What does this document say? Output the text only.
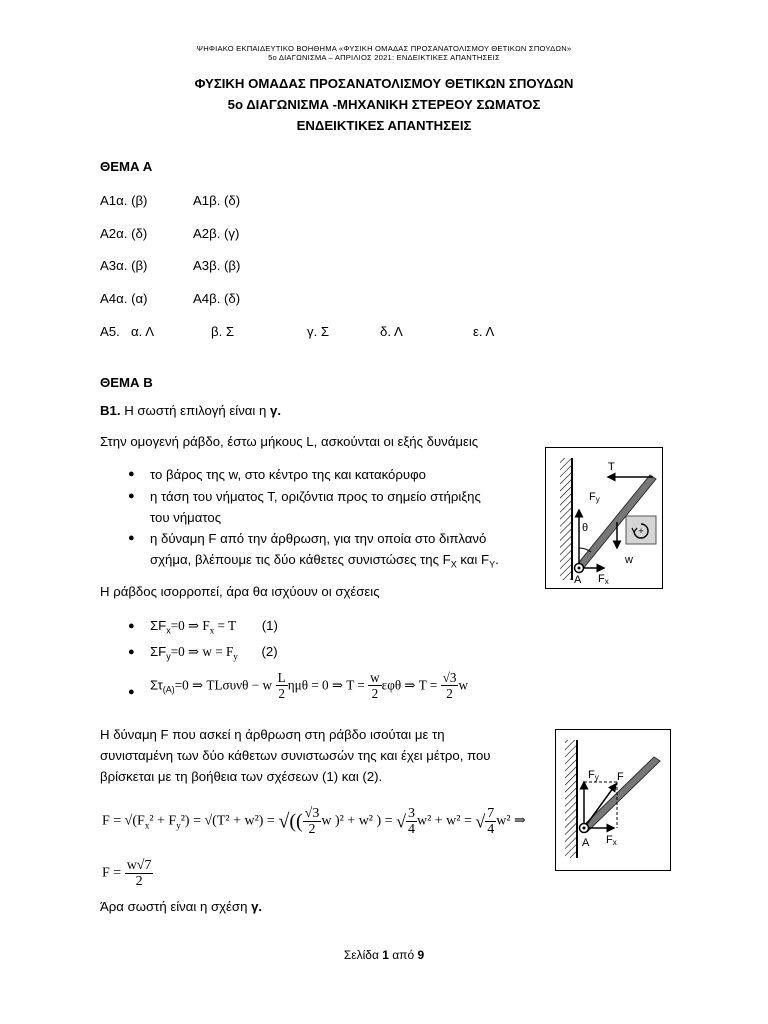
ΨΗΦΙΑΚΟ ΕΚΠΑΙΔΕΥΤΙΚΟ ΒΟΗΘΗΜΑ «ΦΥΣΙΚΗ ΟΜΑΔΑΣ ΠΡΟΣΑΝΑΤΟΛΙΣΜΟΥ ΘΕΤΙΚΩΝ ΣΠΟΥΔΩΝ»
5ο ΔΙΑΓΩΝΙΣΜΑ – ΑΠΡΙΛΙΟΣ 2021: ΕΝΔΕΙΚΤΙΚΕΣ ΑΠΑΝΤΗΣΕΙΣ
ΦΥΣΙΚΗ ΟΜΑΔΑΣ ΠΡΟΣΑΝΑΤΟΛΙΣΜΟΥ ΘΕΤΙΚΩΝ ΣΠΟΥΔΩΝ
5ο ΔΙΑΓΩΝΙΣΜΑ -ΜΗΧΑΝΙΚΗ ΣΤΕΡΕΟΥ ΣΩΜΑΤΟΣ
ΕΝΔΕΙΚΤΙΚΕΣ ΑΠΑΝΤΗΣΕΙΣ
ΘΕΜΑ Α
Α1α. (β)	Α1β. (δ)
Α2α. (δ)	Α2β. (γ)
Α3α. (β)	Α3β. (β)
Α4α. (α)	Α4β. (δ)
Α5. α. Λ	β. Σ	γ. Σ	δ. Λ	ε. Λ
ΘΕΜΑ Β
Β1. Η σωστή επιλογή είναι η γ.
Στην ομογενή ράβδο, έστω μήκους L, ασκούνται οι εξής δυνάμεις
● το βάρος της w, στο κέντρο της και κατακόρυφο
● η τάση του νήματος Τ, οριζόντια προς το σημείο στήριξης
του νήματος
● η δύναμη F από την άρθρωση, για την οποία στο διπλανό
σχήμα, βλέπουμε τις δύο κάθετες συνιστώσες της $F_X$ και $F_Y$.
Η ράβδος ισορροπεί, άρα θα ισχύουν οι σχέσεις
● $\Sigma F_x=0$ ⇒ $F_x = T$ (1)
● $\Sigma F_y=0$ ⇒ $w = F_y$ (2)
● $\Sigma\tau_{(A)}=0$ ⇒ TLσυνθ − w $\frac{L}{2}$ ημθ = 0 ⇒ $T = \frac{w}{2}$ εφθ ⇒ $T = \frac{√3}{2}$ w
Η δύναμη F που ασκεί η άρθρωση στη ράβδο ισούται με τη
συνισταμένη των δύο κάθετων συνιστωσών της και έχει μέτρο, που
βρίσκεται με τη βοήθεια των σχέσεων (1) και (2).
$F = √(F_x^2 + F_y^2) = √(T^2 + w^2)$ = √(( $\frac{√3}{2}$ w )² + w² ) = √ $\frac{3}{4} w^2 + w^2$ = √ $\frac{7}{4} w^2$ ⇒
$F = \frac{w√7}{2}$
Άρα σωστή είναι η σχέση γ.
+
T
Fy
θ
A Fx
w
Fy F
A Fx
Σελίδα 1 από 9
